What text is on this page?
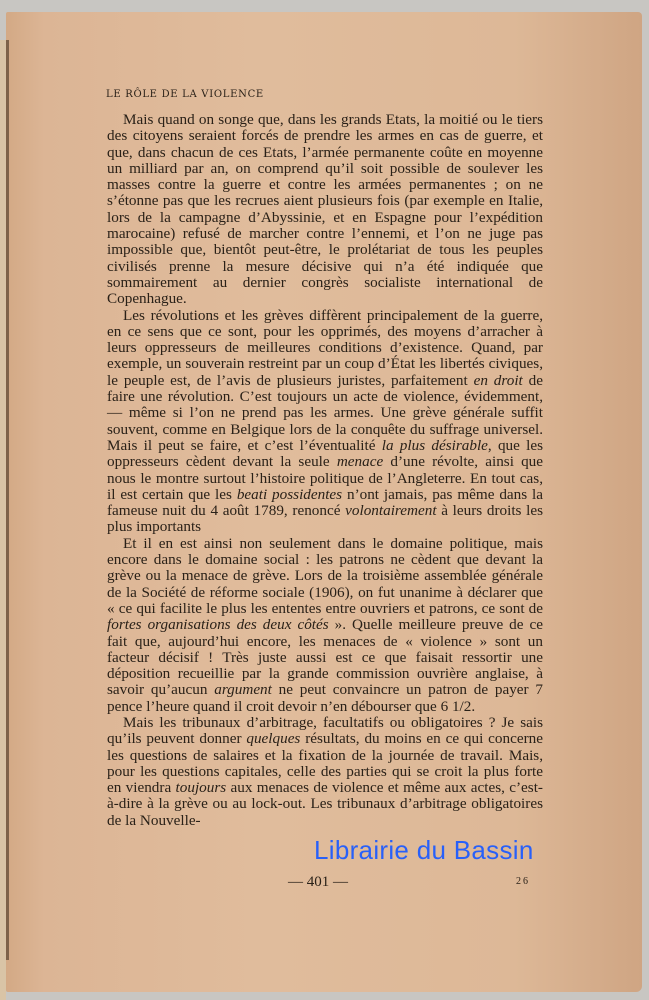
LE RÔLE DE LA VIOLENCE

Mais quand on songe que, dans les grands Etats, la moitié ou le tiers des citoyens seraient forcés de prendre les armes en cas de guerre, et que, dans chacun de ces Etats, l’armée permanente coûte en moyenne un milliard par an, on comprend qu’il soit possible de soulever les masses contre la guerre et contre les armées permanentes ; on ne s’étonne pas que les recrues aient plusieurs fois (par exemple en Italie, lors de la campagne d’Abyssinie, et en Espagne pour l’expédition marocaine) refusé de marcher contre l’ennemi, et l’on ne juge pas impossible que, bientôt peut-être, le prolétariat de tous les peuples civilisés prenne la mesure décisive qui n’a été indiquée que sommairement au dernier congrès socialiste international de Copenhague.

Les révolutions et les grèves diffèrent principalement de la guerre, en ce sens que ce sont, pour les opprimés, des moyens d’arracher à leurs oppresseurs de meilleures conditions d’existence. Quand, par exemple, un souverain restreint par un coup d’État les libertés civiques, le peuple est, de l’avis de plusieurs juristes, parfaitement en droit de faire une révolution. C’est toujours un acte de violence, évidemment, — même si l’on ne prend pas les armes. Une grève générale suffit souvent, comme en Belgique lors de la conquête du suffrage universel. Mais il peut se faire, et c’est l’éventualité la plus désirable, que les oppresseurs cèdent devant la seule menace d’une révolte, ainsi que nous le montre surtout l’histoire politique de l’Angleterre. En tout cas, il est certain que les beati possidentes n’ont jamais, pas même dans la fameuse nuit du 4 août 1789, renoncé volontairement à leurs droits les plus importants

Et il en est ainsi non seulement dans le domaine politique, mais encore dans le domaine social : les patrons ne cèdent que devant la grève ou la menace de grève. Lors de la troisième assemblée générale de la Société de réforme sociale (1906), on fut unanime à déclarer que « ce qui facilite le plus les ententes entre ouvriers et patrons, ce sont de fortes organisations des deux côtés ». Quelle meilleure preuve de ce fait que, aujourd’hui encore, les menaces de « violence » sont un facteur décisif ! Très juste aussi est ce que faisait ressortir une déposition recueillie par la grande commission ouvrière anglaise, à savoir qu’aucun argument ne peut convaincre un patron de payer 7 pence l’heure quand il croit devoir n’en débourser que 6 1/2.

Mais les tribunaux d’arbitrage, facultatifs ou obligatoires ? Je sais qu’ils peuvent donner quelques résultats, du moins en ce qui concerne les questions de salaires et la fixation de la journée de travail. Mais, pour les questions capitales, celle des parties qui se croit la plus forte en viendra toujours aux menaces de violence et même aux actes, c’est-à-dire à la grève ou au lock-out. Les tribunaux d’arbitrage obligatoires de la Nouvelle-

— 401 —	26
Librairie du Bassin
